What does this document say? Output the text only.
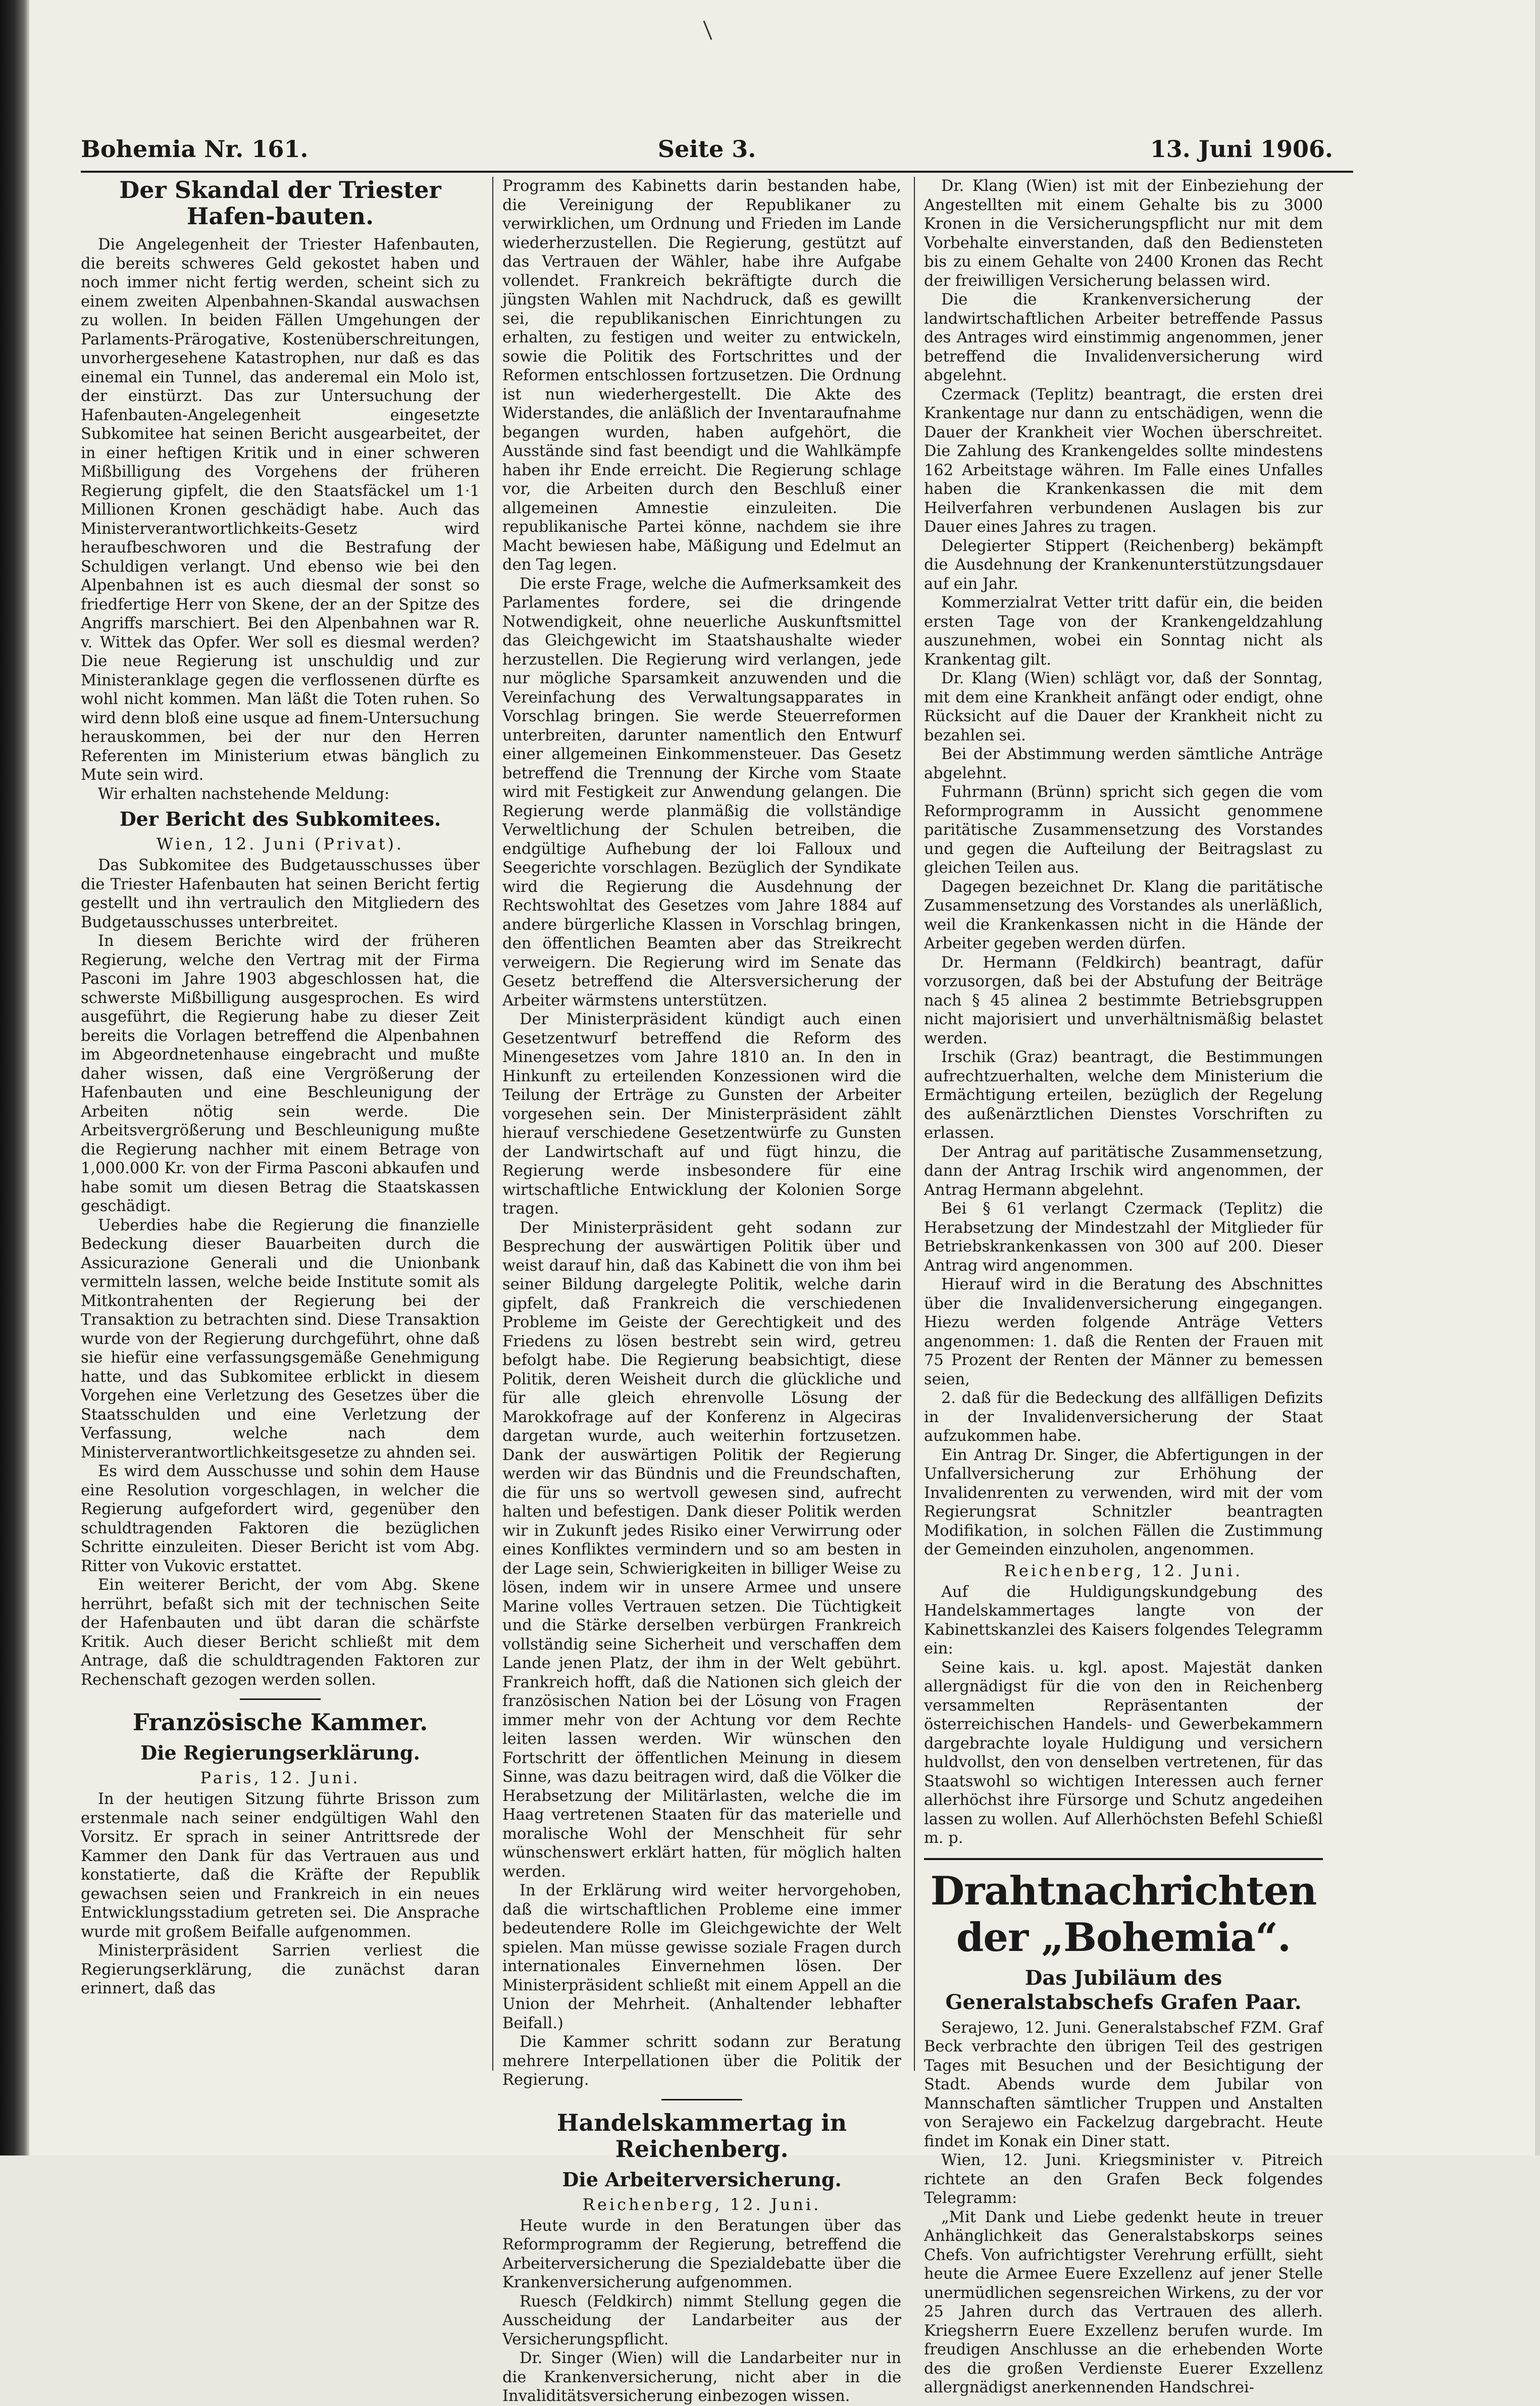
Bohemia Nr. 161.	Seite 3.	13. Juni 1906.
Der Skandal der Triester Hafen-bauten.

Die Angelegenheit der Triester Hafenbauten, die bereits schweres Geld gekostet haben und noch immer nicht fertig werden, scheint sich zu einem zweiten Alpenbahnen-Skandal auswachsen zu wollen. In beiden Fällen Umgehungen der Parlaments-Prärogative, Kostenüberschreitungen, unvorhergesehene Katastrophen, nur daß es das einemal ein Tunnel, das anderemal ein Molo ist, der einstürzt. Das zur Untersuchung der Hafenbauten-Angelegenheit eingesetzte Subkomitee hat seinen Bericht ausgearbeitet, der in einer heftigen Kritik und in einer schweren Mißbilligung des Vorgehens der früheren Regierung gipfelt, die den Staatsfäckel um 1·1 Millionen Kronen geschädigt habe. Auch das Ministerverantwortlichkeits-Gesetz wird heraufbeschworen und die Bestrafung der Schuldigen verlangt. Und ebenso wie bei den Alpenbahnen ist es auch diesmal der sonst so friedfertige Herr von Skene, der an der Spitze des Angriffs marschiert. Bei den Alpenbahnen war R. v. Wittek das Opfer. Wer soll es diesmal werden? Die neue Regierung ist unschuldig und zur Ministeranklage gegen die verflossenen dürfte es wohl nicht kommen. Man läßt die Toten ruhen. So wird denn bloß eine usque ad finem-Untersuchung herauskommen, bei der nur den Herren Referenten im Ministerium etwas bänglich zu Mute sein wird.

Wir erhalten nachstehende Meldung:

Der Bericht des Subkomitees.
Wien, 12. Juni (Privat).

Das Subkomitee des Budgetausschusses über die Triester Hafenbauten hat seinen Bericht fertig gestellt und ihn vertraulich den Mitgliedern des Budgetausschusses unterbreitet.

In diesem Berichte wird der früheren Regierung, welche den Vertrag mit der Firma Pasconi im Jahre 1903 abgeschlossen hat, die schwerste Mißbilligung ausgesprochen. Es wird ausgeführt, die Regierung habe zu dieser Zeit bereits die Vorlagen betreffend die Alpenbahnen im Abgeordnetenhause eingebracht und mußte daher wissen, daß eine Vergrößerung der Hafenbauten und eine Beschleunigung der Arbeiten nötig sein werde. Die Arbeitsvergrößerung und Beschleunigung mußte die Regierung nachher mit einem Betrage von 1,000.000 Kr. von der Firma Pasconi abkaufen und habe somit um diesen Betrag die Staatskassen geschädigt.

Ueberdies habe die Regierung die finanzielle Bedeckung dieser Bauarbeiten durch die Assicurazione Generali und die Unionbank vermitteln lassen, welche beide Institute somit als Mitkontrahenten der Regierung bei der Transaktion zu betrachten sind. Diese Transaktion wurde von der Regierung durchgeführt, ohne daß sie hiefür eine verfassungsgemäße Genehmigung hatte, und das Subkomitee erblickt in diesem Vorgehen eine Verletzung des Gesetzes über die Staatsschulden und eine Verletzung der Verfassung, welche nach dem Ministerverantwortlichkeitsgesetze zu ahnden sei.

Es wird dem Ausschusse und sohin dem Hause eine Resolution vorgeschlagen, in welcher die Regierung aufgefordert wird, gegenüber den schuldtragenden Faktoren die bezüglichen Schritte einzuleiten. Dieser Bericht ist vom Abg. Ritter von Vukovic erstattet.

Ein weiterer Bericht, der vom Abg. Skene herrührt, befaßt sich mit der technischen Seite der Hafenbauten und übt daran die schärfste Kritik. Auch dieser Bericht schließt mit dem Antrage, daß die schuldtragenden Faktoren zur Rechenschaft gezogen werden sollen.

Französische Kammer.
Die Regierungserklärung.
Paris, 12. Juni.

In der heutigen Sitzung führte Brisson zum erstenmale nach seiner endgültigen Wahl den Vorsitz. Er sprach in seiner Antrittsrede der Kammer den Dank für das Vertrauen aus und konstatierte, daß die Kräfte der Republik gewachsen seien und Frankreich in ein neues Entwicklungsstadium getreten sei. Die Ansprache wurde mit großem Beifalle aufgenommen.

Ministerpräsident Sarrien verliest die Regierungserklärung, die zunächst daran erinnert, daß das

Programm des Kabinetts darin bestanden habe, die Vereinigung der Republikaner zu verwirklichen, um Ordnung und Frieden im Lande wiederherzustellen. Die Regierung, gestützt auf das Vertrauen der Wähler, habe ihre Aufgabe vollendet. Frankreich bekräftigte durch die jüngsten Wahlen mit Nachdruck, daß es gewillt sei, die republikanischen Einrichtungen zu erhalten, zu festigen und weiter zu entwickeln, sowie die Politik des Fortschrittes und der Reformen entschlossen fortzusetzen. Die Ordnung ist nun wiederhergestellt. Die Akte des Widerstandes, die anläßlich der Inventaraufnahme begangen wurden, haben aufgehört, die Ausstände sind fast beendigt und die Wahlkämpfe haben ihr Ende erreicht. Die Regierung schlage vor, die Arbeiten durch den Beschluß einer allgemeinen Amnestie einzuleiten. Die republikanische Partei könne, nachdem sie ihre Macht bewiesen habe, Mäßigung und Edelmut an den Tag legen.

Die erste Frage, welche die Aufmerksamkeit des Parlamentes fordere, sei die dringende Notwendigkeit, ohne neuerliche Auskunftsmittel das Gleichgewicht im Staatshaushalte wieder herzustellen. Die Regierung wird verlangen, jede nur mögliche Sparsamkeit anzuwenden und die Vereinfachung des Verwaltungsapparates in Vorschlag bringen. Sie werde Steuerreformen unterbreiten, darunter namentlich den Entwurf einer allgemeinen Einkommensteuer. Das Gesetz betreffend die Trennung der Kirche vom Staate wird mit Festigkeit zur Anwendung gelangen. Die Regierung werde planmäßig die vollständige Verweltlichung der Schulen betreiben, die endgültige Aufhebung der loi Falloux und Seegerichte vorschlagen. Bezüglich der Syndikate wird die Regierung die Ausdehnung der Rechtswohltat des Gesetzes vom Jahre 1884 auf andere bürgerliche Klassen in Vorschlag bringen, den öffentlichen Beamten aber das Streikrecht verweigern. Die Regierung wird im Senate das Gesetz betreffend die Altersversicherung der Arbeiter wärmstens unterstützen.

Der Ministerpräsident kündigt auch einen Gesetzentwurf betreffend die Reform des Minengesetzes vom Jahre 1810 an. In den in Hinkunft zu erteilenden Konzessionen wird die Teilung der Erträge zu Gunsten der Arbeiter vorgesehen sein. Der Ministerpräsident zählt hierauf verschiedene Gesetzentwürfe zu Gunsten der Landwirtschaft auf und fügt hinzu, die Regierung werde insbesondere für eine wirtschaftliche Entwicklung der Kolonien Sorge tragen.

Der Ministerpräsident geht sodann zur Besprechung der auswärtigen Politik über und weist darauf hin, daß das Kabinett die von ihm bei seiner Bildung dargelegte Politik, welche darin gipfelt, daß Frankreich die verschiedenen Probleme im Geiste der Gerechtigkeit und des Friedens zu lösen bestrebt sein wird, getreu befolgt habe. Die Regierung beabsichtigt, diese Politik, deren Weisheit durch die glückliche und für alle gleich ehrenvolle Lösung der Marokkofrage auf der Konferenz in Algeciras dargetan wurde, auch weiterhin fortzusetzen. Dank der auswärtigen Politik der Regierung werden wir das Bündnis und die Freundschaften, die für uns so wertvoll gewesen sind, aufrecht halten und befestigen. Dank dieser Politik werden wir in Zukunft jedes Risiko einer Verwirrung oder eines Konfliktes vermindern und so am besten in der Lage sein, Schwierigkeiten in billiger Weise zu lösen, indem wir in unsere Armee und unsere Marine volles Vertrauen setzen. Die Tüchtigkeit und die Stärke derselben verbürgen Frankreich vollständig seine Sicherheit und verschaffen dem Lande jenen Platz, der ihm in der Welt gebührt. Frankreich hofft, daß die Nationen sich gleich der französischen Nation bei der Lösung von Fragen immer mehr von der Achtung vor dem Rechte leiten lassen werden. Wir wünschen den Fortschritt der öffentlichen Meinung in diesem Sinne, was dazu beitragen wird, daß die Völker die Herabsetzung der Militärlasten, welche die im Haag vertretenen Staaten für das materielle und moralische Wohl der Menschheit für sehr wünschenswert erklärt hatten, für möglich halten werden.

In der Erklärung wird weiter hervorgehoben, daß die wirtschaftlichen Probleme eine immer bedeutendere Rolle im Gleichgewichte der Welt spielen. Man müsse gewisse soziale Fragen durch internationales Einvernehmen lösen. Der Ministerpräsident schließt mit einem Appell an die Union der Mehrheit. (Anhaltender lebhafter Beifall.)

Die Kammer schritt sodann zur Beratung mehrere Interpellationen über die Politik der Regierung.

Handelskammertag in Reichenberg.
Die Arbeiterversicherung.
Reichenberg, 12. Juni.

Heute wurde in den Beratungen über das Reformprogramm der Regierung, betreffend die Arbeiterversicherung die Spezialdebatte über die Krankenversicherung aufgenommen.

Ruesch (Feldkirch) nimmt Stellung gegen die Ausscheidung der Landarbeiter aus der Versicherungspflicht.

Dr. Singer (Wien) will die Landarbeiter nur in die Krankenversicherung, nicht aber in die Invaliditätsversicherung einbezogen wissen.

Dr. Klang (Wien) ist mit der Einbeziehung der Angestellten mit einem Gehalte bis zu 3000 Kronen in die Versicherungspflicht nur mit dem Vorbehalte einverstanden, daß den Bediensteten bis zu einem Gehalte von 2400 Kronen das Recht der freiwilligen Versicherung belassen wird.

Die die Krankenversicherung der landwirtschaftlichen Arbeiter betreffende Passus des Antrages wird einstimmig angenommen, jener betreffend die Invalidenversicherung wird abgelehnt.

Czermack (Teplitz) beantragt, die ersten drei Krankentage nur dann zu entschädigen, wenn die Dauer der Krankheit vier Wochen überschreitet. Die Zahlung des Krankengeldes sollte mindestens 162 Arbeitstage währen. Im Falle eines Unfalles haben die Krankenkassen die mit dem Heilverfahren verbundenen Auslagen bis zur Dauer eines Jahres zu tragen.

Delegierter Stippert (Reichenberg) bekämpft die Ausdehnung der Krankenunterstützungsdauer auf ein Jahr.

Kommerzialrat Vetter tritt dafür ein, die beiden ersten Tage von der Krankengeldzahlung auszunehmen, wobei ein Sonntag nicht als Krankentag gilt.

Dr. Klang (Wien) schlägt vor, daß der Sonntag, mit dem eine Krankheit anfängt oder endigt, ohne Rücksicht auf die Dauer der Krankheit nicht zu bezahlen sei.

Bei der Abstimmung werden sämtliche Anträge abgelehnt.

Fuhrmann (Brünn) spricht sich gegen die vom Reformprogramm in Aussicht genommene paritätische Zusammensetzung des Vorstandes und gegen die Aufteilung der Beitragslast zu gleichen Teilen aus.

Dagegen bezeichnet Dr. Klang die paritätische Zusammensetzung des Vorstandes als unerläßlich, weil die Krankenkassen nicht in die Hände der Arbeiter gegeben werden dürfen.

Dr. Hermann (Feldkirch) beantragt, dafür vorzusorgen, daß bei der Abstufung der Beiträge nach § 45 alinea 2 bestimmte Betriebsgruppen nicht majorisiert und unverhältnismäßig belastet werden.

Irschik (Graz) beantragt, die Bestimmungen aufrechtzuerhalten, welche dem Ministerium die Ermächtigung erteilen, bezüglich der Regelung des außenärztlichen Dienstes Vorschriften zu erlassen.

Der Antrag auf paritätische Zusammensetzung, dann der Antrag Irschik wird angenommen, der Antrag Hermann abgelehnt.

Bei § 61 verlangt Czermack (Teplitz) die Herabsetzung der Mindestzahl der Mitglieder für Betriebskrankenkassen von 300 auf 200. Dieser Antrag wird angenommen.

Hierauf wird in die Beratung des Abschnittes über die Invalidenversicherung eingegangen. Hiezu werden folgende Anträge Vetters angenommen: 1. daß die Renten der Frauen mit 75 Prozent der Renten der Männer zu bemessen seien,

2. daß für die Bedeckung des allfälligen Defizits in der Invalidenversicherung der Staat aufzukommen habe.

Ein Antrag Dr. Singer, die Abfertigungen in der Unfallversicherung zur Erhöhung der Invalidenrenten zu verwenden, wird mit der vom Regierungsrat Schnitzler beantragten Modifikation, in solchen Fällen die Zustimmung der Gemeinden einzuholen, angenommen.

Reichenberg, 12. Juni.

Auf die Huldigungskundgebung des Handelskammertages langte von der Kabinettskanzlei des Kaisers folgendes Telegramm ein:

Seine kais. u. kgl. apost. Majestät danken allergnädigst für die von den in Reichenberg versammelten Repräsentanten der österreichischen Handels- und Gewerbekammern dargebrachte loyale Huldigung und versichern huldvollst, den von denselben vertretenen, für das Staatswohl so wichtigen Interessen auch ferner allerhöchst ihre Fürsorge und Schutz angedeihen lassen zu wollen. Auf Allerhöchsten Befehl Schießl m. p.

Drahtnachrichten der „Bohemia“.
Das Jubiläum des Generalstabschefs Grafen Paar.

Serajewo, 12. Juni. Generalstabschef FZM. Graf Beck verbrachte den übrigen Teil des gestrigen Tages mit Besuchen und der Besichtigung der Stadt. Abends wurde dem Jubilar von Mannschaften sämtlicher Truppen und Anstalten von Serajewo ein Fackelzug dargebracht. Heute findet im Konak ein Diner statt.

Wien, 12. Juni. Kriegsminister v. Pitreich richtete an den Grafen Beck folgendes Telegramm:

„Mit Dank und Liebe gedenkt heute in treuer Anhänglichkeit das Generalstabskorps seines Chefs. Von aufrichtigster Verehrung erfüllt, sieht heute die Armee Euere Exzellenz auf jener Stelle unermüdlichen segensreichen Wirkens, zu der vor 25 Jahren durch das Vertrauen des allerh. Kriegsherrn Euere Exzellenz berufen wurde. Im freudigen Anschlusse an die erhebenden Worte des die großen Verdienste Euerer Exzellenz allergnädigst anerkennenden Handschrei-
